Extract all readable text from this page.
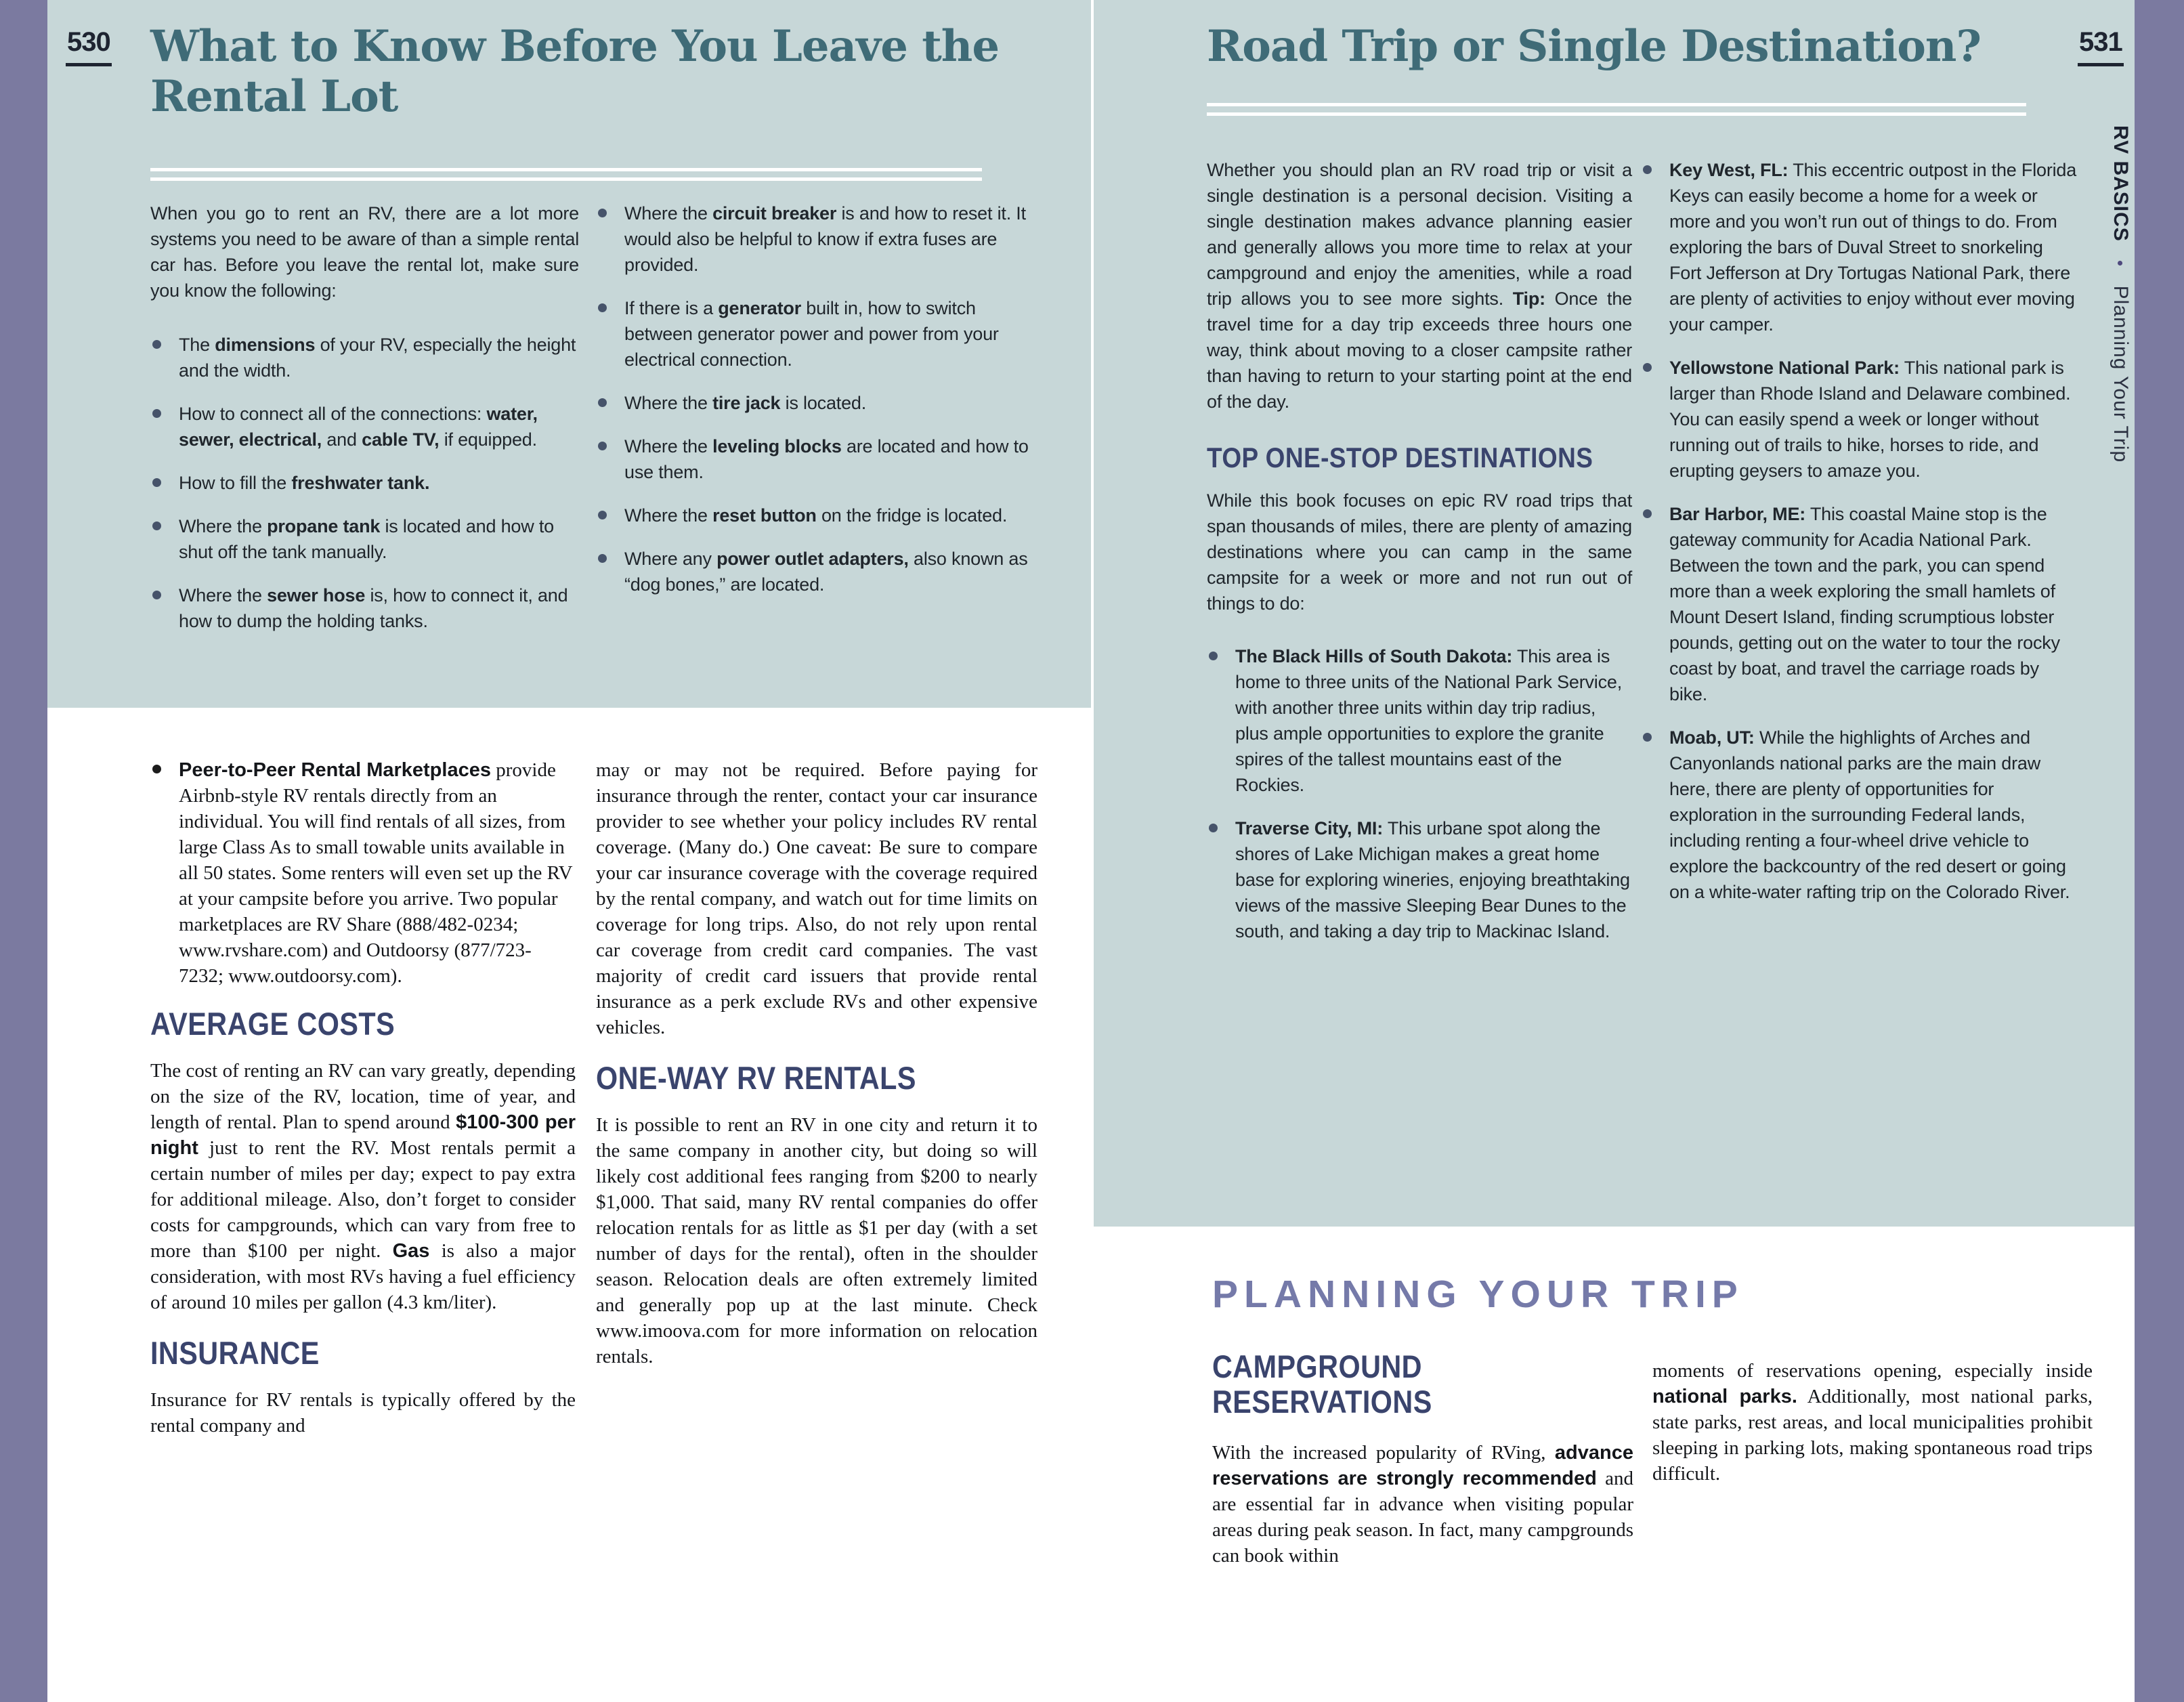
530 What to Know Before You Leave the Rental Lot

When you go to rent an RV, there are a lot more systems you need to be aware of than a simple rental car has. Before you leave the rental lot, make sure you know the following:

The dimensions of your RV, especially the height and the width.
How to connect all of the connections: water, sewer, electrical, and cable TV, if equipped.
How to fill the freshwater tank.
Where the propane tank is located and how to shut off the tank manually.
Where the sewer hose is, how to connect it, and how to dump the holding tanks.
Where the circuit breaker is and how to reset it. It would also be helpful to know if extra fuses are provided.
If there is a generator built in, how to switch between generator power and power from your electrical connection.
Where the tire jack is located.
Where the leveling blocks are located and how to use them.
Where the reset button on the fridge is located.
Where any power outlet adapters, also known as “dog bones,” are located.
Peer-to-Peer Rental Marketplaces provide Airbnb-style RV rentals directly from an individual. You will find rentals of all sizes, from large Class As to small towable units available in all 50 states. Some renters will even set up the RV at your campsite before you arrive. Two popular marketplaces are RV Share (888/482-0234; www.rvshare.com) and Outdoorsy (877/723-7232; www.outdoorsy.com).
AVERAGE COSTS

The cost of renting an RV can vary greatly, depending on the size of the RV, location, time of year, and length of rental. Plan to spend around $100-300 per night just to rent the RV. Most rentals permit a certain number of miles per day; expect to pay extra for additional mileage. Also, don’t forget to consider costs for campgrounds, which can vary from free to more than $100 per night. Gas is also a major consideration, with most RVs having a fuel efficiency of around 10 miles per gallon (4.3 km/liter).

INSURANCE

Insurance for RV rentals is typically offered by the rental company and

may or may not be required. Before paying for insurance through the renter, contact your car insurance provider to see whether your policy includes RV rental coverage. (Many do.) One caveat: Be sure to compare your car insurance coverage with the coverage required by the rental company, and watch out for time limits on coverage for long trips. Also, do not rely upon rental car coverage from credit card companies. The vast majority of credit card issuers that provide rental insurance as a perk exclude RVs and other expensive vehicles.

ONE-WAY RV RENTALS

It is possible to rent an RV in one city and return it to the same company in another city, but doing so will likely cost additional fees ranging from $200 to nearly $1,000. That said, many RV rental companies do offer relocation rentals for as little as $1 per day (with a set number of days for the rental), often in the shoulder season. Relocation deals are often extremely limited and generally pop up at the last minute. Check www.imoova.com for more information on relocation rentals.

531
Road Trip or Single Destination?

Whether you should plan an RV road trip or visit a single destination is a personal decision. Visiting a single destination makes advance planning easier and generally allows you more time to relax at your campground and enjoy the amenities, while a road trip allows you to see more sights. Tip: Once the travel time for a day trip exceeds three hours one way, think about moving to a closer campsite rather than having to return to your starting point at the end of the day.

TOP ONE-STOP DESTINATIONS

While this book focuses on epic RV road trips that span thousands of miles, there are plenty of amazing destinations where you can camp in the same campsite for a week or more and not run out of things to do:

The Black Hills of South Dakota: This area is home to three units of the National Park Service, with another three units within day trip radius, plus ample opportunities to explore the granite spires of the tallest mountains east of the Rockies.
Traverse City, MI: This urbane spot along the shores of Lake Michigan makes a great home base for exploring wineries, enjoying breathtaking views of the massive Sleeping Bear Dunes to the south, and taking a day trip to Mackinac Island.
Key West, FL: This eccentric outpost in the Florida Keys can easily become a home for a week or more and you won’t run out of things to do. From exploring the bars of Duval Street to snorkeling Fort Jefferson at Dry Tortugas National Park, there are plenty of activities to enjoy without ever moving your camper.
Yellowstone National Park: This national park is larger than Rhode Island and Delaware combined. You can easily spend a week or longer without running out of trails to hike, horses to ride, and erupting geysers to amaze you.
Bar Harbor, ME: This coastal Maine stop is the gateway community for Acadia National Park. Between the town and the park, you can spend more than a week exploring the small hamlets of Mount Desert Island, finding scrumptious lobster pounds, getting out on the water to tour the rocky coast by boat, and travel the carriage roads by bike.
Moab, UT: While the highlights of Arches and Canyonlands national parks are the main draw here, there are plenty of opportunities for exploration in the surrounding Federal lands, including renting a four-wheel drive vehicle to explore the backcountry of the red desert or going on a white-water rafting trip on the Colorado River.
PLANNING YOUR TRIP
CAMPGROUND RESERVATIONS

With the increased popularity of RVing, advance reservations are strongly recommended and are essential far in advance when visiting popular areas during peak season. In fact, many campgrounds can book within

moments of reservations opening, especially inside national parks. Additionally, most national parks, state parks, rest areas, and local municipalities prohibit sleeping in parking lots, making spontaneous road trips difficult.

RV BASICS • Planning Your Trip
